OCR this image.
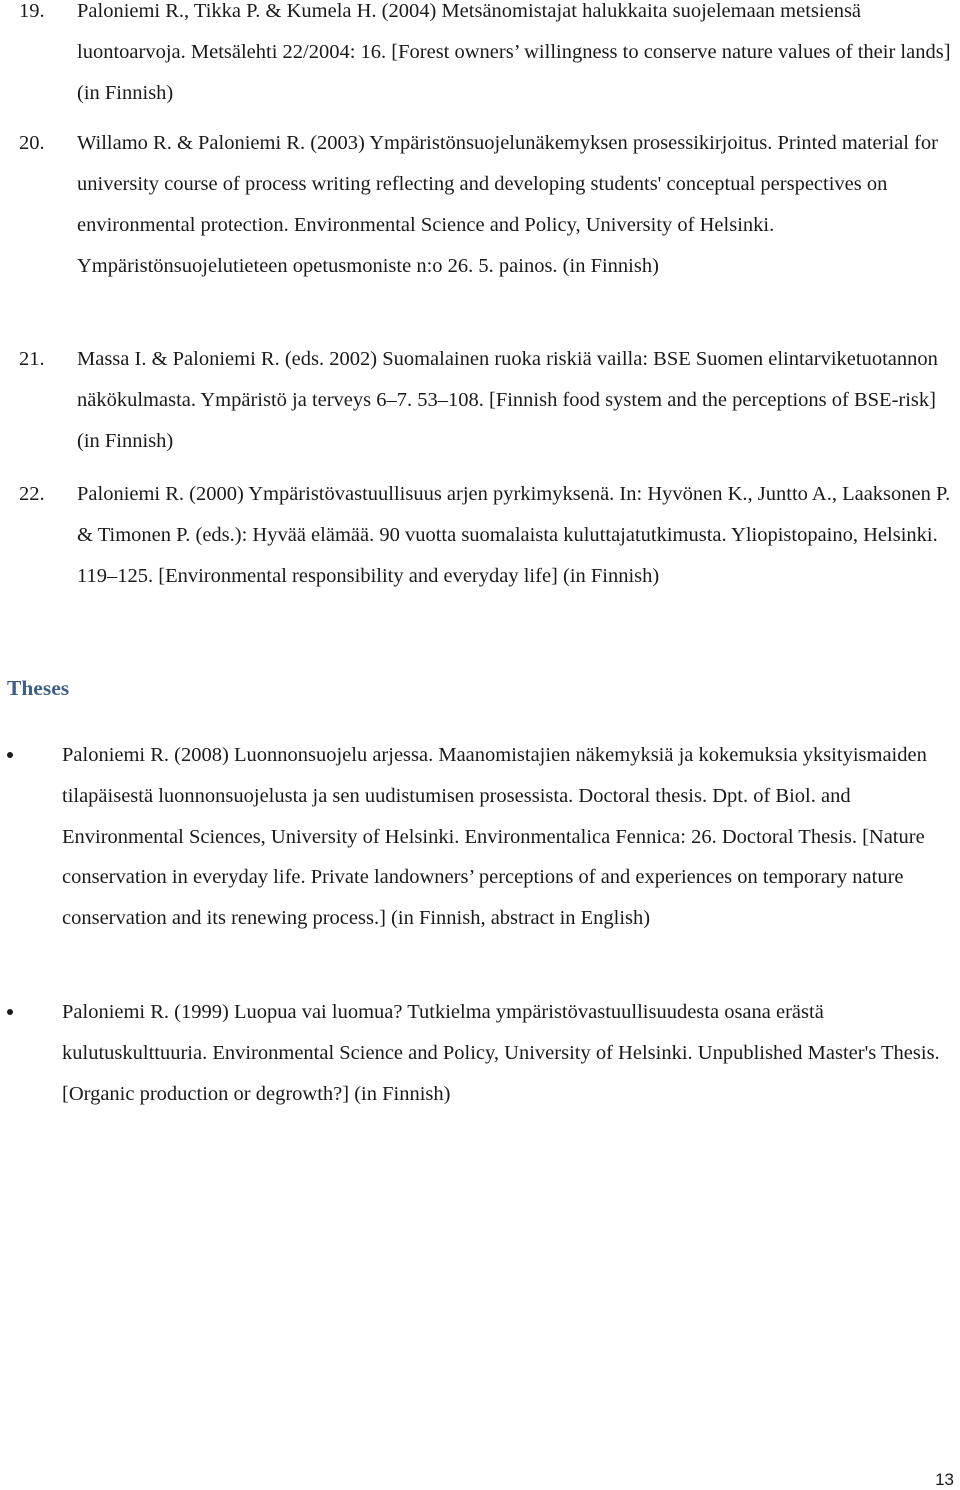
19. Paloniemi R., Tikka P. & Kumela H. (2004) Metsänomistajat halukkaita suojelemaan metsiensä luontoarvoja. Metsälehti 22/2004: 16. [Forest owners’ willingness to conserve nature values of their lands] (in Finnish)
20. Willamo R. & Paloniemi R. (2003) Ympäristönsuojelunäkemyksen prosessikirjoitus. Printed material for university course of process writing reflecting and developing students' conceptual perspectives on environmental protection. Environmental Science and Policy, University of Helsinki. Ympäristönsuojelutieteen opetusmoniste n:o 26. 5. painos. (in Finnish)
21. Massa I. & Paloniemi R. (eds. 2002) Suomalainen ruoka riskiä vailla: BSE Suomen elintarviketuotannon näkökulmasta. Ympäristö ja terveys 6–7. 53–108. [Finnish food system and the perceptions of BSE-risk] (in Finnish)
22. Paloniemi R. (2000) Ympäristövastuullisuus arjen pyrkimyksenä. In: Hyvönen K., Juntto A., Laaksonen P. & Timonen P. (eds.): Hyvää elämää. 90 vuotta suomalaista kuluttajatutkimusta. Yliopistopaino, Helsinki. 119–125. [Environmental responsibility and everyday life] (in Finnish)
Theses
Paloniemi R. (2008) Luonnonsuojelu arjessa. Maanomistajien näkemyksiä ja kokemuksia yksityismaiden tilapäisestä luonnonsuojelusta ja sen uudistumisen prosessista. Doctoral thesis. Dpt. of Biol. and Environmental Sciences, University of Helsinki. Environmentalica Fennica: 26. Doctoral Thesis. [Nature conservation in everyday life. Private landowners’ perceptions of and experiences on temporary nature conservation and its renewing process.] (in Finnish, abstract in English)
Paloniemi R. (1999) Luopua vai luomua? Tutkielma ympäristövastuullisuudesta osana erästä kulutuskulttuuria. Environmental Science and Policy, University of Helsinki. Unpublished Master's Thesis. [Organic production or degrowth?] (in Finnish)
13
